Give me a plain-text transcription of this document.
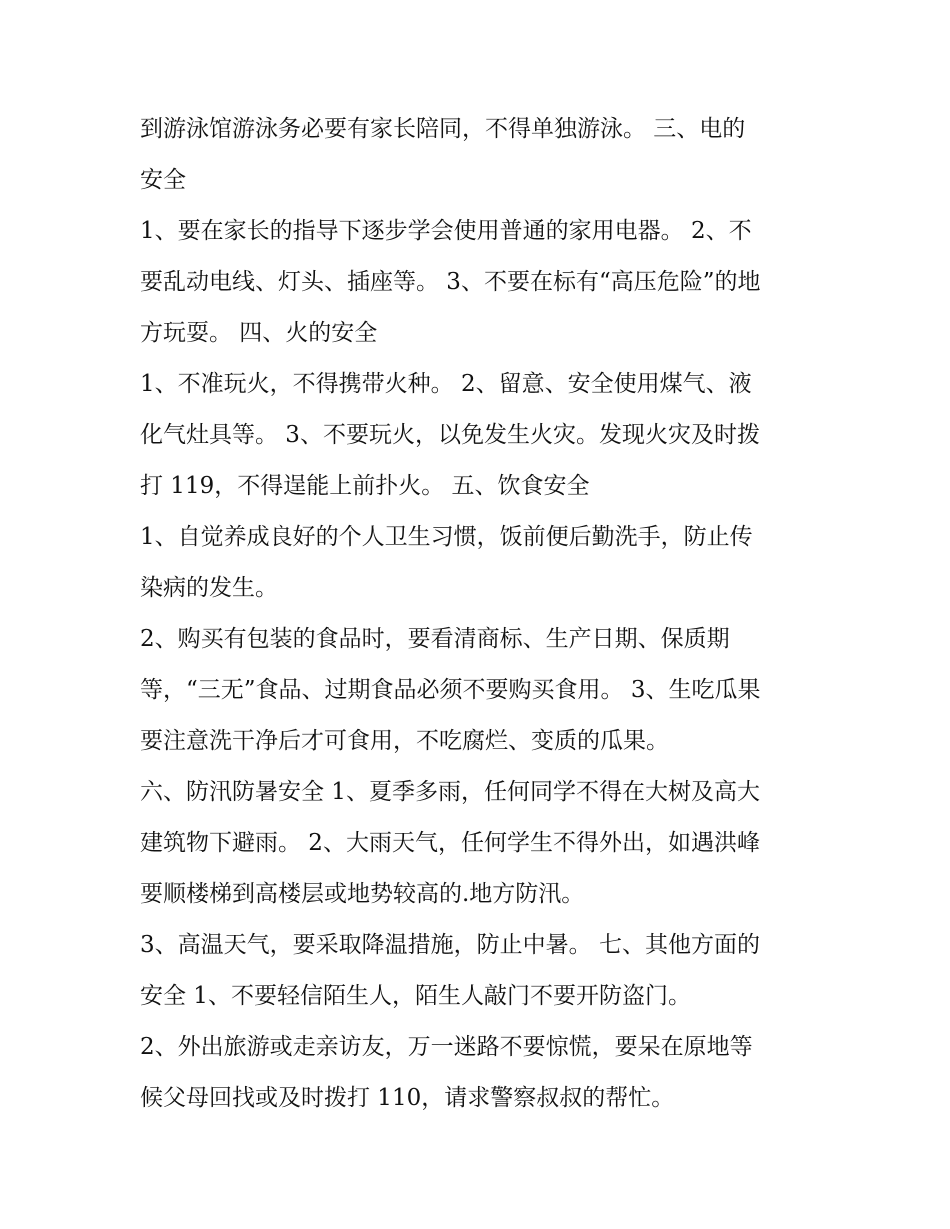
到游泳馆游泳务必要有家长陪同，不得单独游泳。 三、电的
安全
1、要在家长的指导下逐步学会使用普通的家用电器。 2、不
要乱动电线、灯头、插座等。 3、不要在标有“高压危险”的地
方玩耍。 四、火的安全
1、不准玩火，不得携带火种。 2、留意、安全使用煤气、液
化气灶具等。 3、不要玩火，以免发生火灾。发现火灾及时拨
打 119，不得逞能上前扑火。 五、饮食安全
1、自觉养成良好的个人卫生习惯，饭前便后勤洗手，防止传
染病的发生。
2、购买有包装的食品时，要看清商标、生产日期、保质期
等，“三无”食品、过期食品必须不要购买食用。 3、生吃瓜果
要注意洗干净后才可食用，不吃腐烂、变质的瓜果。
六、防汛防暑安全 1、夏季多雨，任何同学不得在大树及高大
建筑物下避雨。 2、大雨天气，任何学生不得外出，如遇洪峰
要顺楼梯到高楼层或地势较高的.地方防汛。
3、高温天气，要采取降温措施，防止中暑。 七、其他方面的
安全 1、不要轻信陌生人，陌生人敲门不要开防盗门。
2、外出旅游或走亲访友，万一迷路不要惊慌，要呆在原地等
候父母回找或及时拨打 110，请求警察叔叔的帮忙。
